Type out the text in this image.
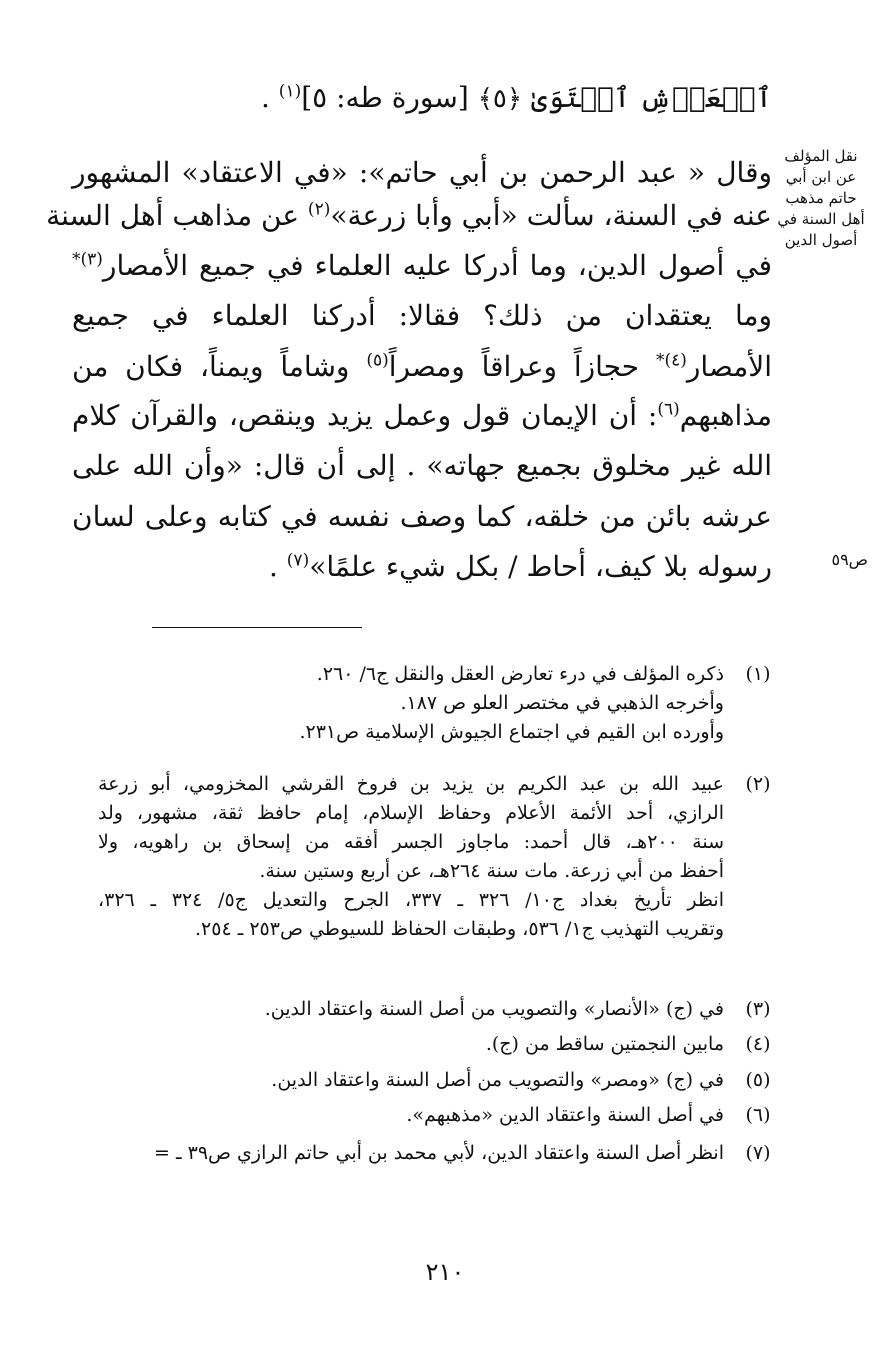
ٱلۡعَرۡشِ ٱسۡتَوَىٰ ﴿٥﴾ [سورة طه: ٥]$^{(١)}$ .
وقال « عبد الرحمن بن أبي حاتم»: «في الاعتقاد» المشهور
عنه في السنة، سألت «أبي وأبا زرعة»$^{(٢)}$ عن مذاهب أهل السنة
في أصول الدين، وما أدركا عليه العلماء في جميع الأمصار$^{(٣)*}$
وما يعتقدان من ذلك؟ فقالا: أدركنا العلماء في جميع
الأمصار$^{(٤)*}$ حجازاً وعراقاً ومصراً$^{(٥)}$ وشاماً ويمناً، فكان من
مذاهبهم$^{(٦)}$: أن الإيمان قول وعمل يزيد وينقص، والقرآن كلام
الله غير مخلوق بجميع جهاته» . إلى أن قال: «وأن الله على
عرشه بائن من خلقه، كما وصف نفسه في كتابه وعلى لسان
رسوله بلا كيف، أحاط / بكل شيء علمًا»$^{(٧)}$ .
نقل المؤلف
عن ابن أبي
حاتم مذهب
أهل السنة في
أصول الدين
ص٥٩
(١)
ذكره المؤلف في درء تعارض العقل والنقل ج٦/ ٢٦٠.
وأخرجه الذهبي في مختصر العلو ص ١٨٧.
وأورده ابن القيم في اجتماع الجيوش الإسلامية ص٢٣١.
(٢)
عبيد الله بن عبد الكريم بن يزيد بن فروخ القرشي المخزومي، أبو زرعة
الرازي، أحد الأئمة الأعلام وحفاظ الإسلام، إمام حافظ ثقة، مشهور، ولد
سنة ٢٠٠هـ، قال أحمد: ماجاوز الجسر أفقه من إسحاق بن راهويه، ولا
أحفظ من أبي زرعة. مات سنة ٢٦٤هـ، عن أربع وستين سنة.
انظر تأريخ بغداد ج١٠/ ٣٢٦ ـ ٣٣٧، الجرح والتعديل ج٥/ ٣٢٤ ـ ٣٢٦،
وتقريب التهذيب ج١/ ٥٣٦، وطبقات الحفاظ للسيوطي ص٢٥٣ ـ ٢٥٤.
(٣)
في (ج) «الأنصار» والتصويب من أصل السنة واعتقاد الدين.
(٤)
مابين النجمتين ساقط من (ج).
(٥)
في (ج) «ومصر» والتصويب من أصل السنة واعتقاد الدين.
(٦)
في أصل السنة واعتقاد الدين «مذهبهم».
(٧)
انظر أصل السنة واعتقاد الدين، لأبي محمد بن أبي حاتم الرازي ص٣٩ ـ =
٢١٠
